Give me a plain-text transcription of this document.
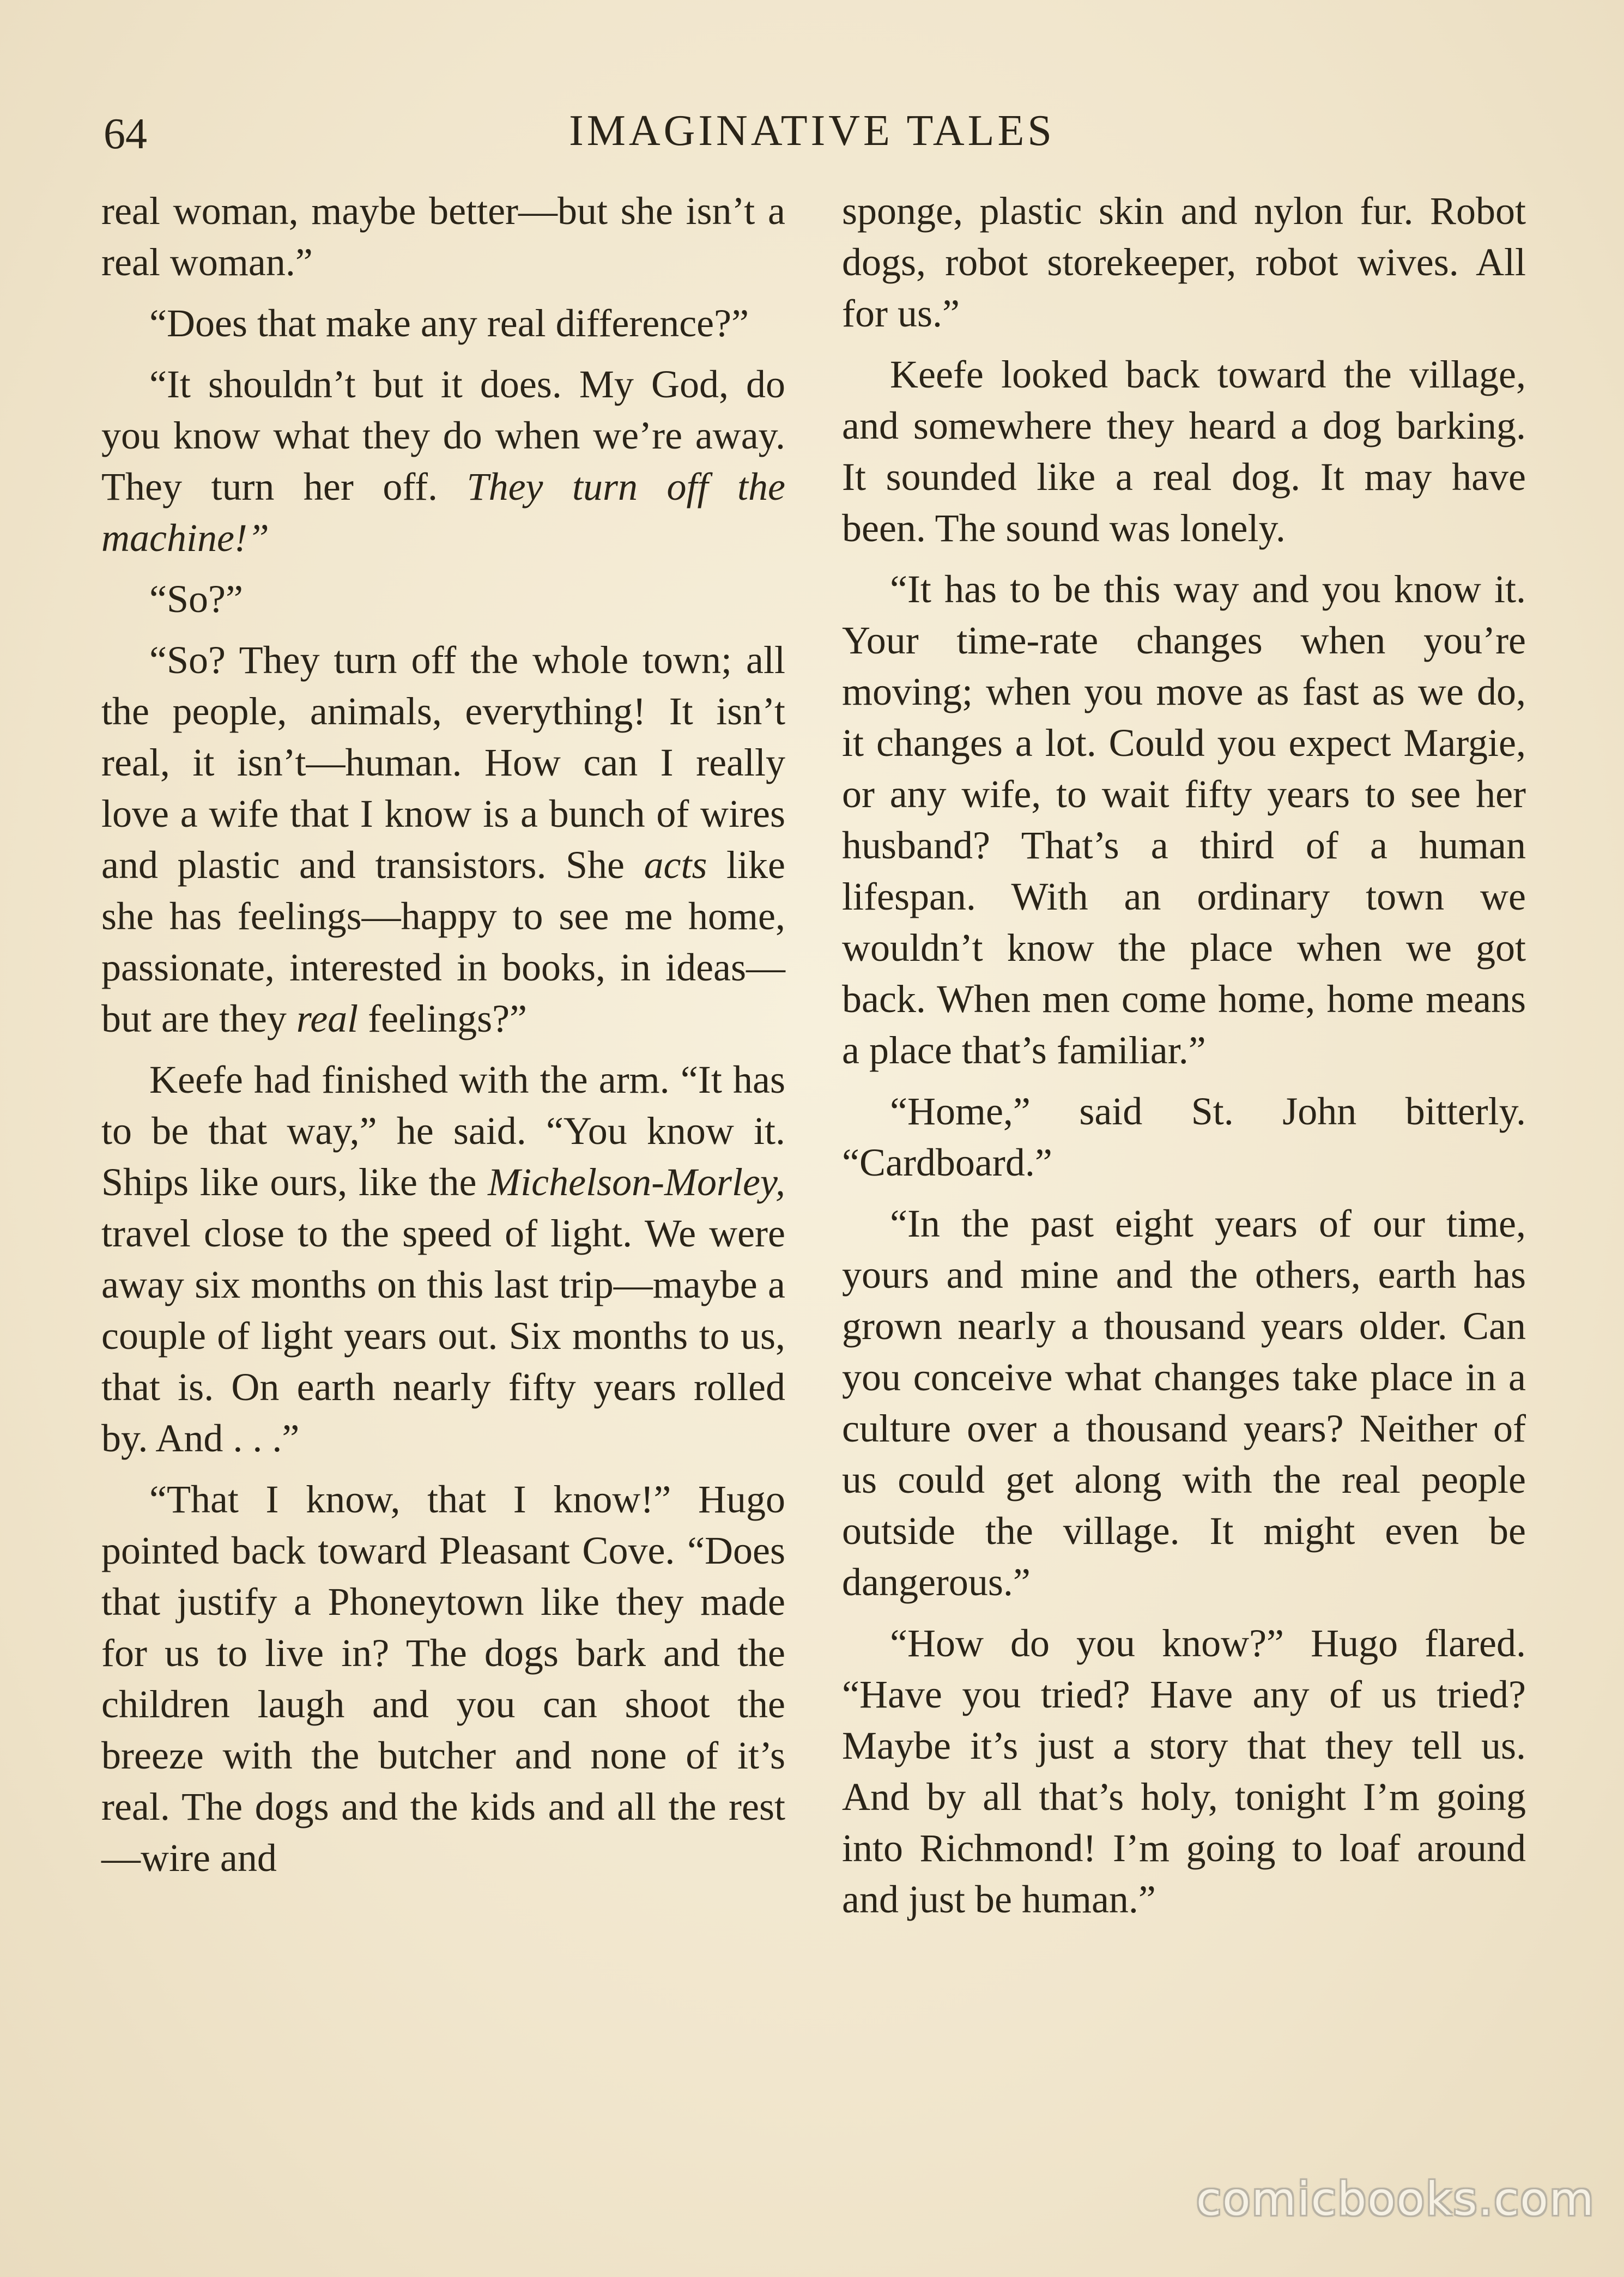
64	IMAGINATIVE TALES

real woman, maybe better—but she isn’t a real woman.”

“Does that make any real difference?”

“It shouldn’t but it does. My God, do you know what they do when we’re away. They turn her off. They turn off the machine!”

“So?”

“So? They turn off the whole town; all the people, animals, everything! It isn’t real, it isn’t—human. How can I really love a wife that I know is a bunch of wires and plastic and transistors. She acts like she has feelings—happy to see me home, passionate, interested in books, in ideas—but are they real feelings?”

Keefe had finished with the arm. “It has to be that way,” he said. “You know it. Ships like ours, like the Michelson-Morley, travel close to the speed of light. We were away six months on this last trip—maybe a couple of light years out. Six months to us, that is. On earth nearly fifty years rolled by. And . . .”

“That I know, that I know!” Hugo pointed back toward Pleasant Cove. “Does that justify a Phoneytown like they made for us to live in? The dogs bark and the children laugh and you can shoot the breeze with the butcher and none of it’s real. The dogs and the kids and all the rest—wire and

sponge, plastic skin and nylon fur. Robot dogs, robot storekeeper, robot wives. All for us.”

Keefe looked back toward the village, and somewhere they heard a dog barking. It sounded like a real dog. It may have been. The sound was lonely.

“It has to be this way and you know it. Your time-rate changes when you’re moving; when you move as fast as we do, it changes a lot. Could you expect Margie, or any wife, to wait fifty years to see her husband? That’s a third of a human lifespan. With an ordinary town we wouldn’t know the place when we got back. When men come home, home means a place that’s familiar.”

“Home,” said St. John bitterly. “Cardboard.”

“In the past eight years of our time, yours and mine and the others, earth has grown nearly a thousand years older. Can you conceive what changes take place in a culture over a thousand years? Neither of us could get along with the real people outside the village. It might even be dangerous.”

“How do you know?” Hugo flared. “Have you tried? Have any of us tried? Maybe it’s just a story that they tell us. And by all that’s holy, tonight I’m going into Richmond! I’m going to loaf around and just be human.”

comicbooks.com
